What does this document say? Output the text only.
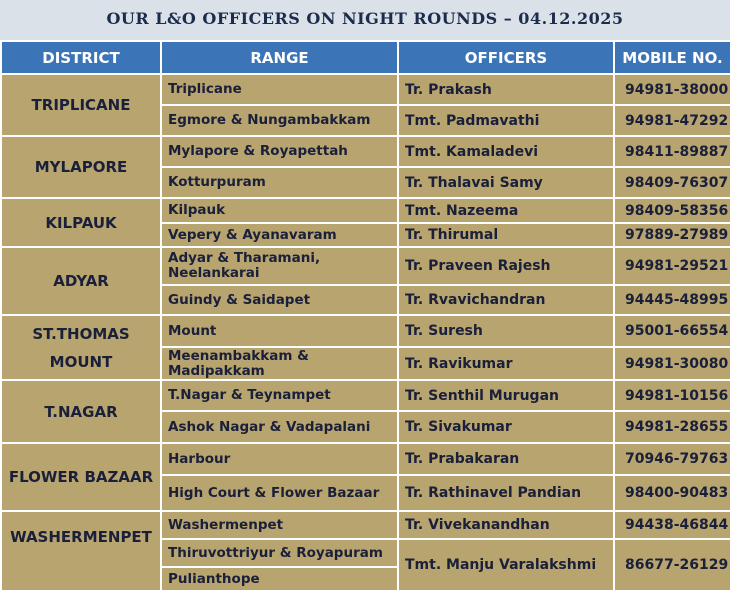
OUR L&O OFFICERS ON NIGHT ROUNDS – 04.12.2025
DISTRICT	RANGE	OFFICERS	MOBILE NO.
TRIPLICANE	Triplicane	Tr. Prakash	94981-38000
	Egmore & Nungambakkam	Tmt. Padmavathi	94981-47292
MYLAPORE	Mylapore & Royapettah	Tmt. Kamaladevi	98411-89887
	Kotturpuram	Tr. Thalavai Samy	98409-76307
KILPAUK	Kilpauk	Tmt. Nazeema	98409-58356
	Vepery & Ayanavaram	Tr. Thirumal	97889-27989
ADYAR	Adyar & Tharamani, Neelankarai	Tr. Praveen Rajesh	94981-29521
	Guindy & Saidapet	Tr. Rvavichandran	94445-48995
ST.THOMAS MOUNT	Mount	Tr. Suresh	95001-66554
	Meenambakkam & Madipakkam	Tr. Ravikumar	94981-30080
T.NAGAR	T.Nagar & Teynampet	Tr. Senthil Murugan	94981-10156
	Ashok Nagar & Vadapalani	Tr. Sivakumar	94981-28655
FLOWER BAZAAR	Harbour	Tr. Prabakaran	70946-79763
	High Court & Flower Bazaar	Tr. Rathinavel Pandian	98400-90483
WASHERMENPET	Washermenpet	Tr. Vivekanandhan	94438-46844
	Thiruvottriyur & Royapuram	Tmt. Manju Varalakshmi	86677-26129
	Pulianthope		
